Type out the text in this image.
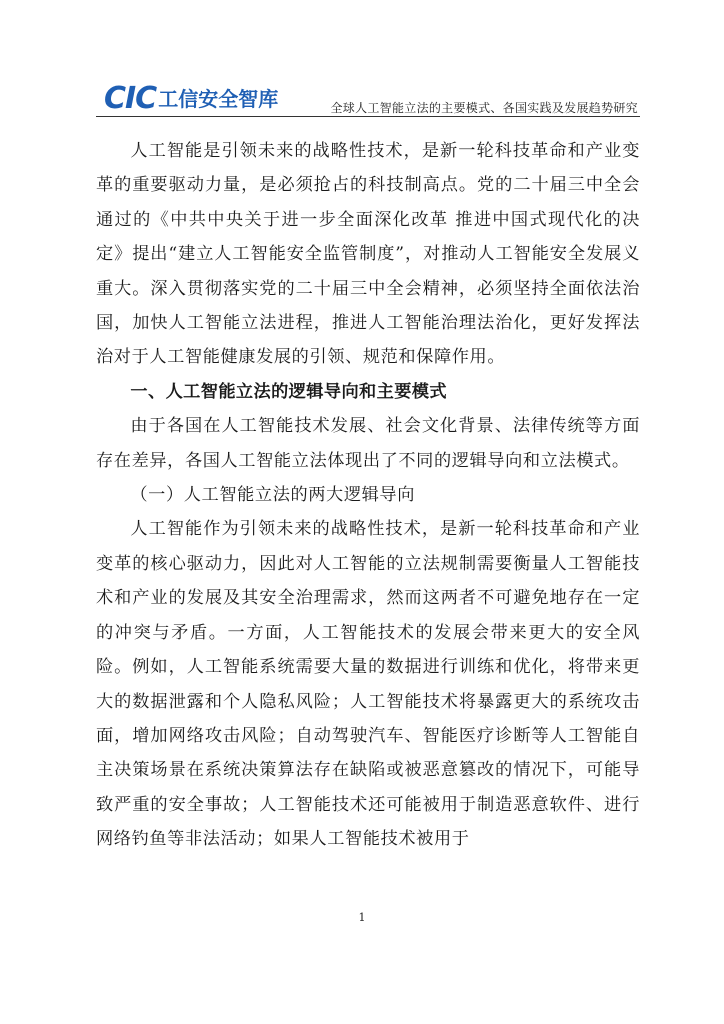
CIC 工信安全智库	全球人工智能立法的主要模式、各国实践及发展趋势研究

人工智能是引领未来的战略性技术，是新一轮科技革命和产业变革的重要驱动力量，是必须抢占的科技制高点。党的二十届三中全会通过的《中共中央关于进一步全面深化改革 推进中国式现代化的决定》提出“建立人工智能安全监管制度”，对推动人工智能安全发展义重大。深入贯彻落实党的二十届三中全会精神，必须坚持全面依法治国，加快人工智能立法进程，推进人工智能治理法治化，更好发挥法治对于人工智能健康发展的引领、规范和保障作用。

一、人工智能立法的逻辑导向和主要模式

由于各国在人工智能技术发展、社会文化背景、法律传统等方面存在差异，各国人工智能立法体现出了不同的逻辑导向和立法模式。

（一）人工智能立法的两大逻辑导向

人工智能作为引领未来的战略性技术，是新一轮科技革命和产业变革的核心驱动力，因此对人工智能的立法规制需要衡量人工智能技术和产业的发展及其安全治理需求，然而这两者不可避免地存在一定的冲突与矛盾。一方面，人工智能技术的发展会带来更大的安全风险。例如，人工智能系统需要大量的数据进行训练和优化，将带来更大的数据泄露和个人隐私风险；人工智能技术将暴露更大的系统攻击面，增加网络攻击风险；自动驾驶汽车、智能医疗诊断等人工智能自主决策场景在系统决策算法存在缺陷或被恶意篡改的情况下，可能导致严重的安全事故；人工智能技术还可能被用于制造恶意软件、进行网络钓鱼等非法活动；如果人工智能技术被用于

1
